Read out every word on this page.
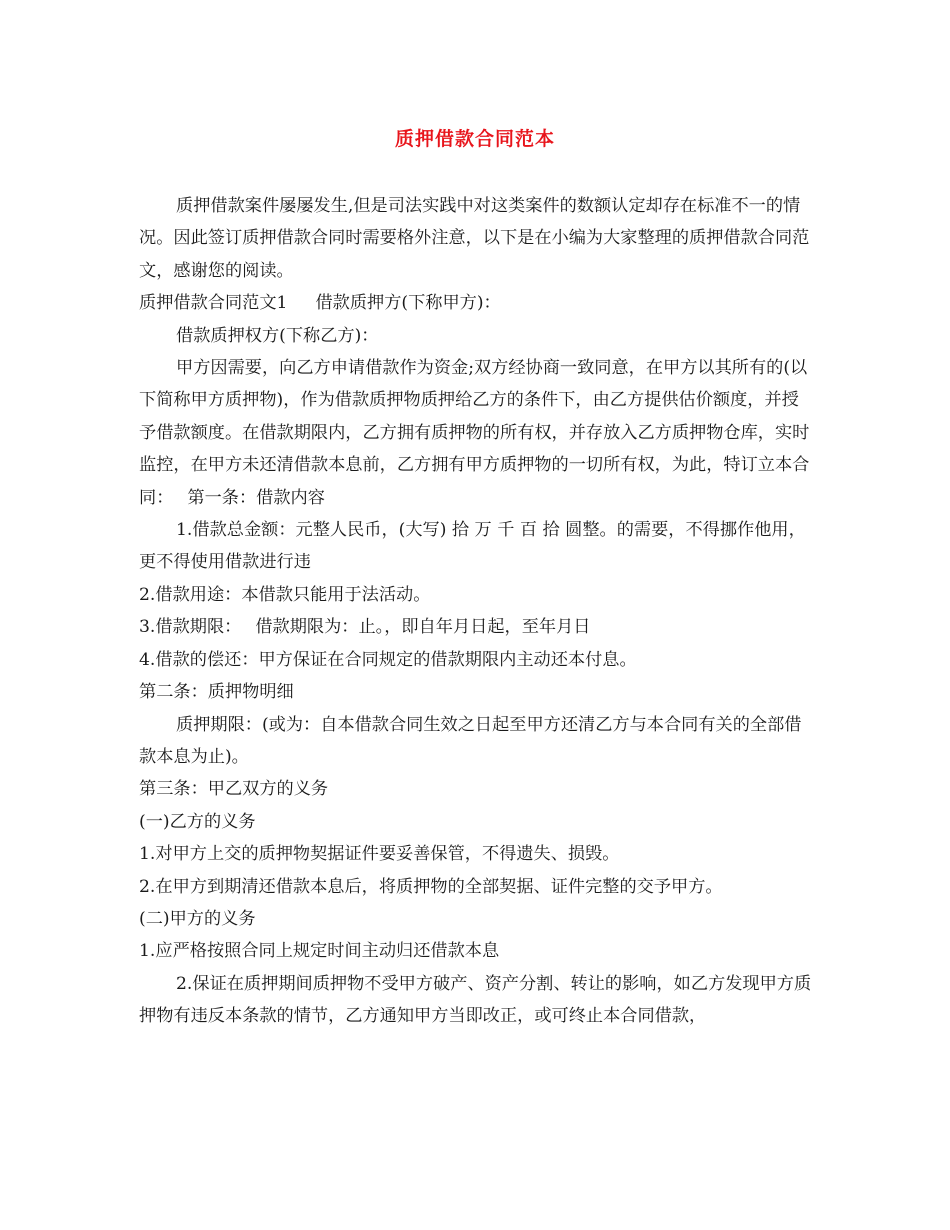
质押借款合同范本

质押借款案件屡屡发生,但是司法实践中对这类案件的数额认定却存在标准不一的情况。因此签订质押借款合同时需要格外注意，以下是在小编为大家整理的质押借款合同范文，感谢您的阅读。

质押借款合同范文1 借款质押方(下称甲方)：

借款质押权方(下称乙方)：

甲方因需要，向乙方申请借款作为资金;双方经协商一致同意，在甲方以其所有的(以下简称甲方质押物)，作为借款质押物质押给乙方的条件下，由乙方提供估价额度，并授予借款额度。在借款期限内，乙方拥有质押物的所有权，并存放入乙方质押物仓库，实时监控，在甲方未还清借款本息前，乙方拥有甲方质押物的一切所有权，为此，特订立本合同： 第一条：借款内容

1.借款总金额：元整人民币，(大写) 拾 万 千 百 拾 圆整。的需要，不得挪作他用，更不得使用借款进行违

2.借款用途：本借款只能用于法活动。

3.借款期限： 借款期限为：止。，即自年月日起，至年月日

4.借款的偿还：甲方保证在合同规定的借款期限内主动还本付息。

第二条：质押物明细

质押期限：(或为：自本借款合同生效之日起至甲方还清乙方与本合同有关的全部借款本息为止)。

第三条：甲乙双方的义务

(一)乙方的义务

1.对甲方上交的质押物契据证件要妥善保管，不得遗失、损毁。

2.在甲方到期清还借款本息后，将质押物的全部契据、证件完整的交予甲方。

(二)甲方的义务

1.应严格按照合同上规定时间主动归还借款本息

2.保证在质押期间质押物不受甲方破产、资产分割、转让的影响，如乙方发现甲方质押物有违反本条款的情节，乙方通知甲方当即改正，或可终止本合同借款，
